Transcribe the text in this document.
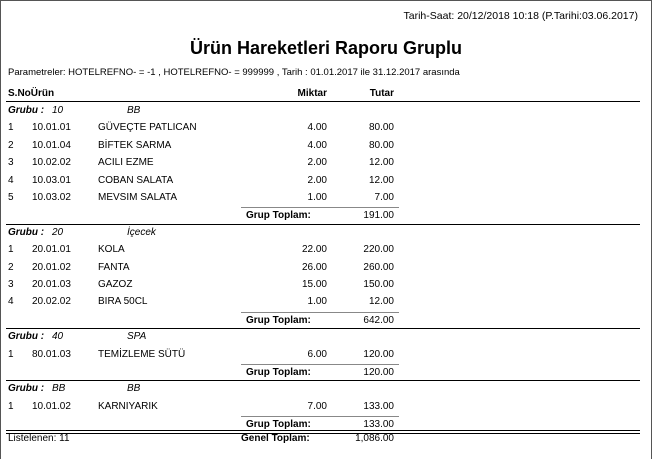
Tarih-Saat: 20/12/2018 10:18 (P.Tarihi:03.06.2017)
Ürün Hareketleri Raporu Gruplu
Parametreler: HOTELREFNO- = -1 , HOTELREFNO- = 999999 , Tarih : 01.01.2017 ile 31.12.2017 arasında
S.NoÜrün	Miktar	Tutar
Grubu : 10	BB
1 10.01.01	GÜVEÇTE PATLICAN	4.00	80.00
2 10.01.04	BİFTEK SARMA	4.00	80.00
3 10.02.02	ACILI EZME	2.00	12.00
4 10.03.01	COBAN SALATA	2.00	12.00
5 10.03.02	MEVSIM SALATA	1.00	7.00
Grup Toplam:	191.00
Grubu : 20	İçecek
1 20.01.01	KOLA	22.00	220.00
2 20.01.02	FANTA	26.00	260.00
3 20.01.03	GAZOZ	15.00	150.00
4 20.02.02	BIRA 50CL	1.00	12.00
Grup Toplam:	642.00
Grubu : 40	SPA
1 80.01.03	TEMİZLEME SÜTÜ	6.00	120.00
Grup Toplam:	120.00
Grubu : BB	BB
1 10.01.02	KARNIYARIK	7.00	133.00
Grup Toplam:	133.00
Listelenen: 11	Genel Toplam:	1,086.00
